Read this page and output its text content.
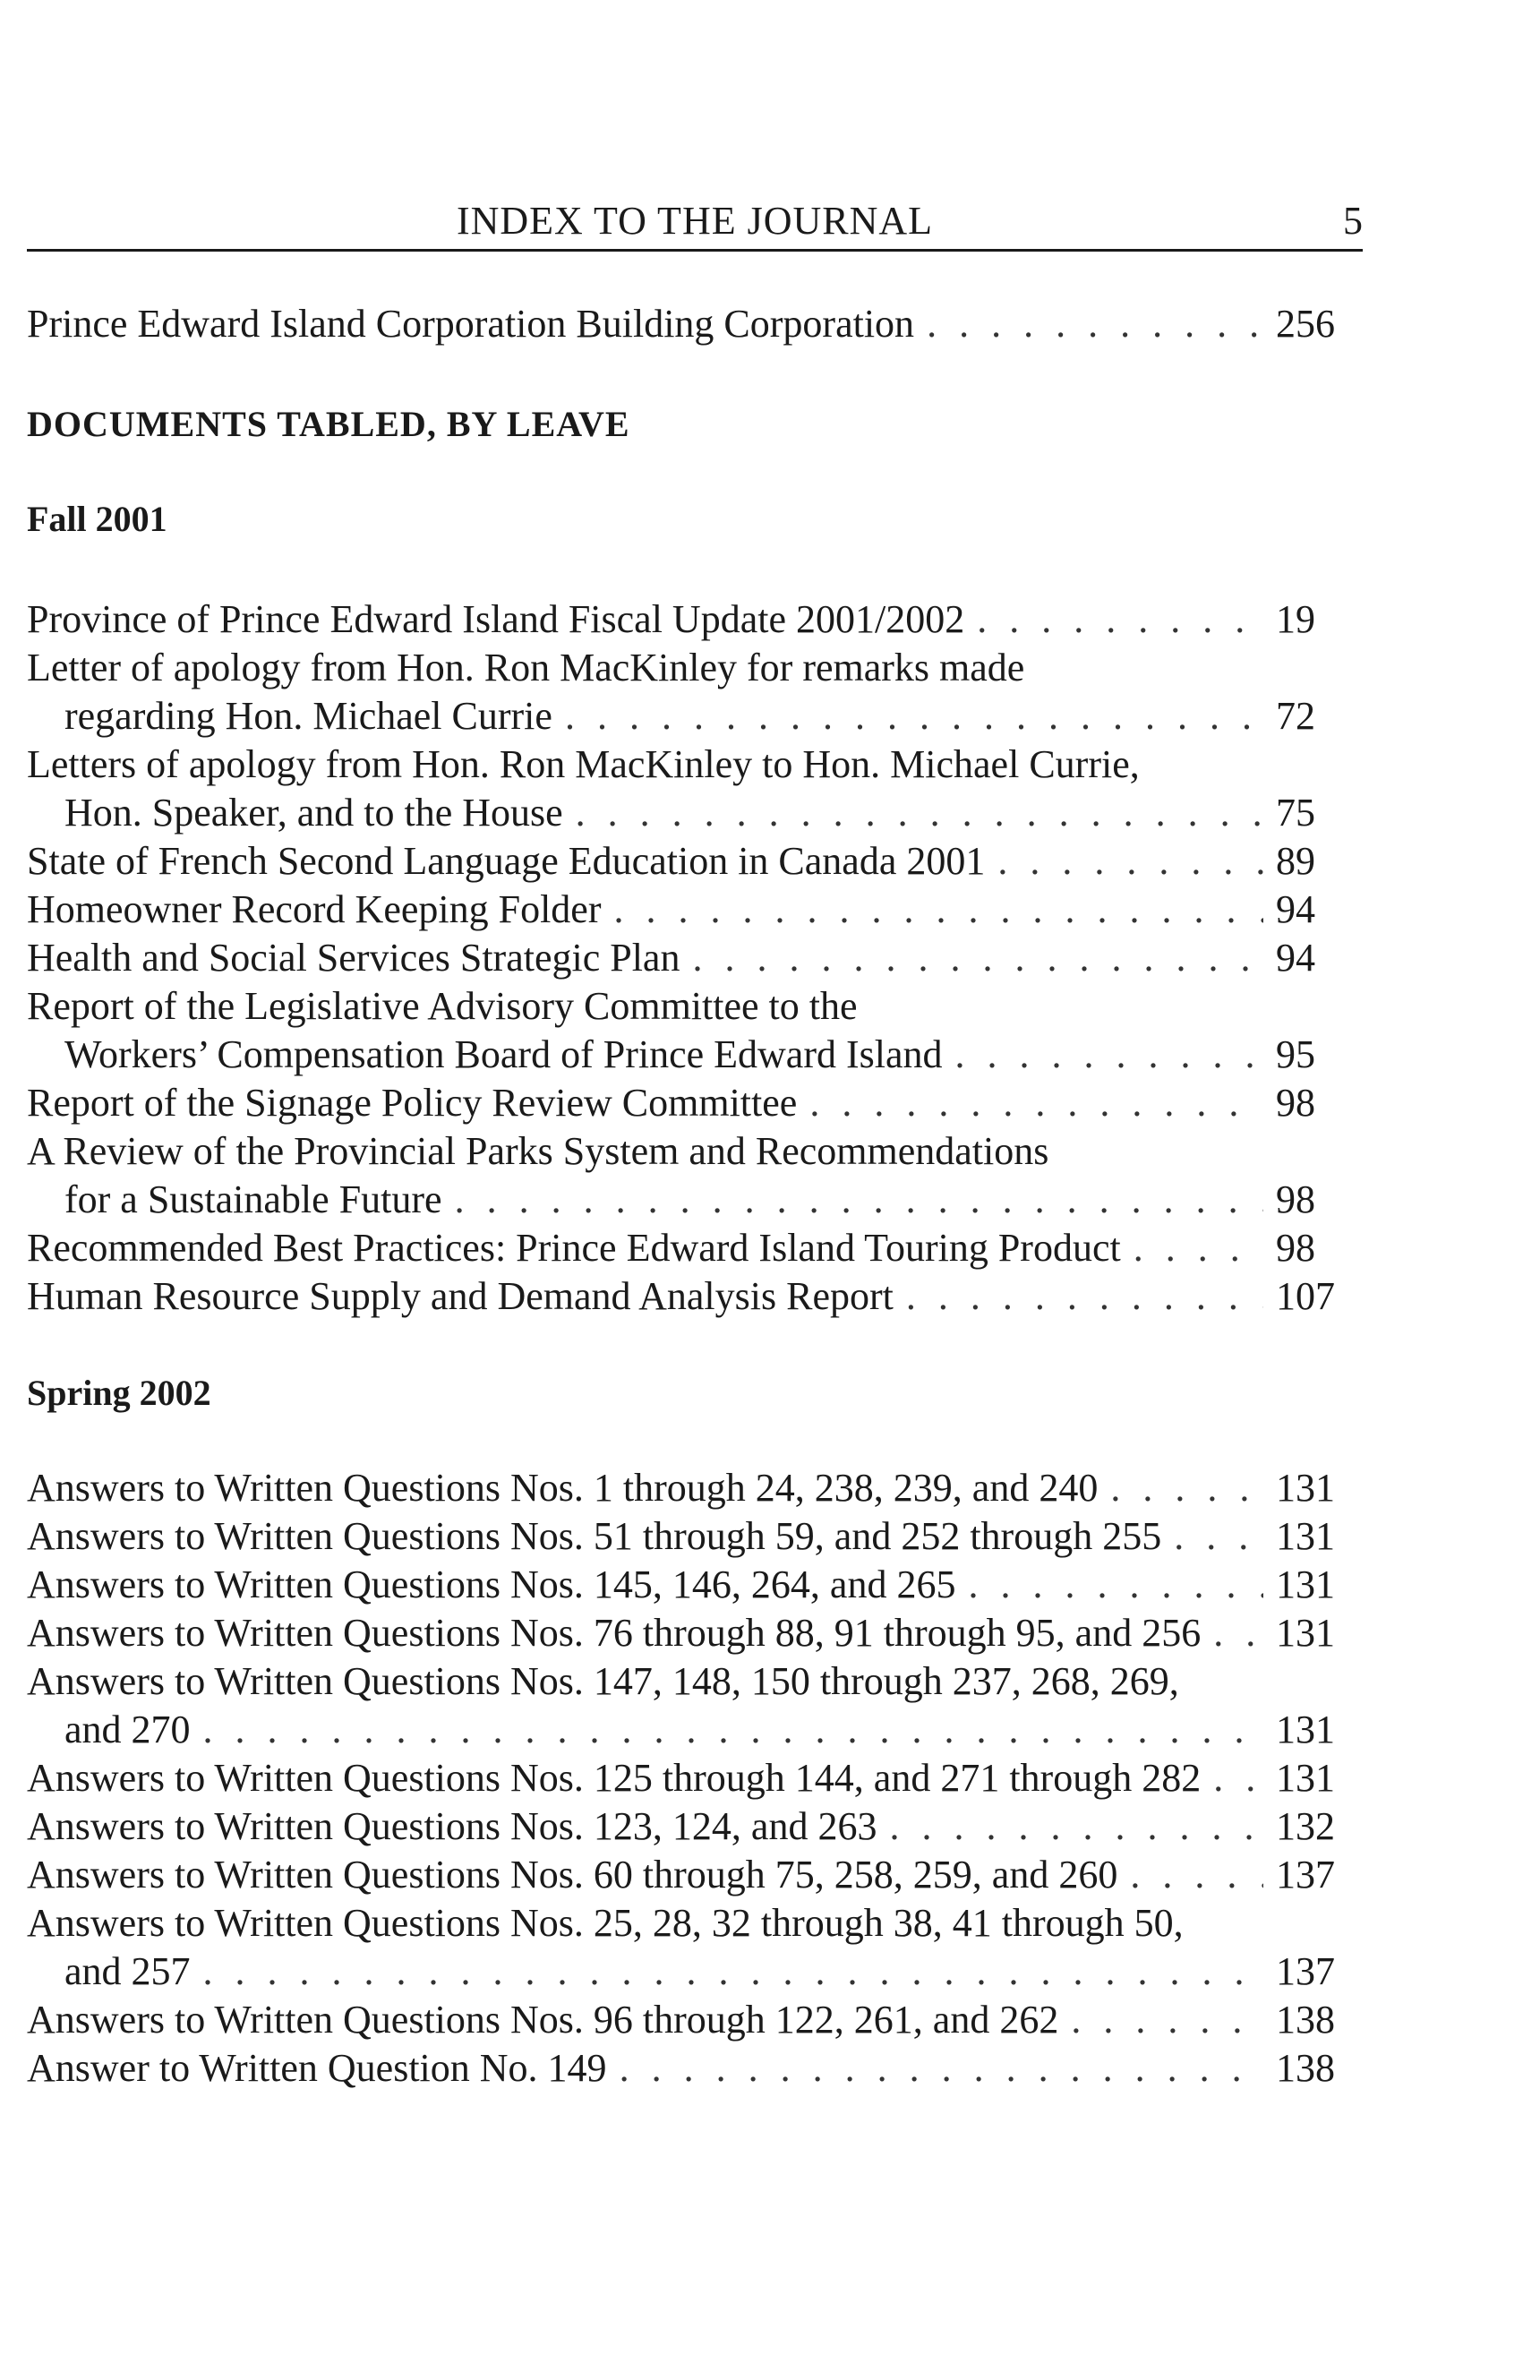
INDEX TO THE JOURNAL	5
Prince Edward Island Corporation Building Corporation . . .	256
DOCUMENTS TABLED, BY LEAVE
Fall 2001
Province of Prince Edward Island Fiscal Update 2001/2002 . . .	19
Letter of apology from Hon. Ron MacKinley for remarks made
regarding Hon. Michael Currie . . .	72
Letters of apology from Hon. Ron MacKinley to Hon. Michael Currie,
Hon. Speaker, and to the House . . .	75
State of French Second Language Education in Canada 2001 . . .	89
Homeowner Record Keeping Folder . . .	94
Health and Social Services Strategic Plan . . .	94
Report of the Legislative Advisory Committee to the
Workers’ Compensation Board of Prince Edward Island . . .	95
Report of the Signage Policy Review Committee . . .	98
A Review of the Provincial Parks System and Recommendations
for a Sustainable Future . . .	98
Recommended Best Practices: Prince Edward Island Touring Product . . .	98
Human Resource Supply and Demand Analysis Report . . .	107
Spring 2002
Answers to Written Questions Nos. 1 through 24, 238, 239, and 240 . . .	131
Answers to Written Questions Nos. 51 through 59, and 252 through 255 . . .	131
Answers to Written Questions Nos. 145, 146, 264, and 265 . . .	131
Answers to Written Questions Nos. 76 through 88, 91 through 95, and 256 . . . 131
Answers to Written Questions Nos. 147, 148, 150 through 237, 268, 269,
and 270 . . .	131
Answers to Written Questions Nos. 125 through 144, and 271 through 282 . . . 131
Answers to Written Questions Nos. 123, 124, and 263 . . .	132
Answers to Written Questions Nos. 60 through 75, 258, 259, and 260 . . .	137
Answers to Written Questions Nos. 25, 28, 32 through 38, 41 through 50,
and 257 . . .	137
Answers to Written Questions Nos. 96 through 122, 261, and 262 . . .	138
Answer to Written Question No. 149 . . .	138
